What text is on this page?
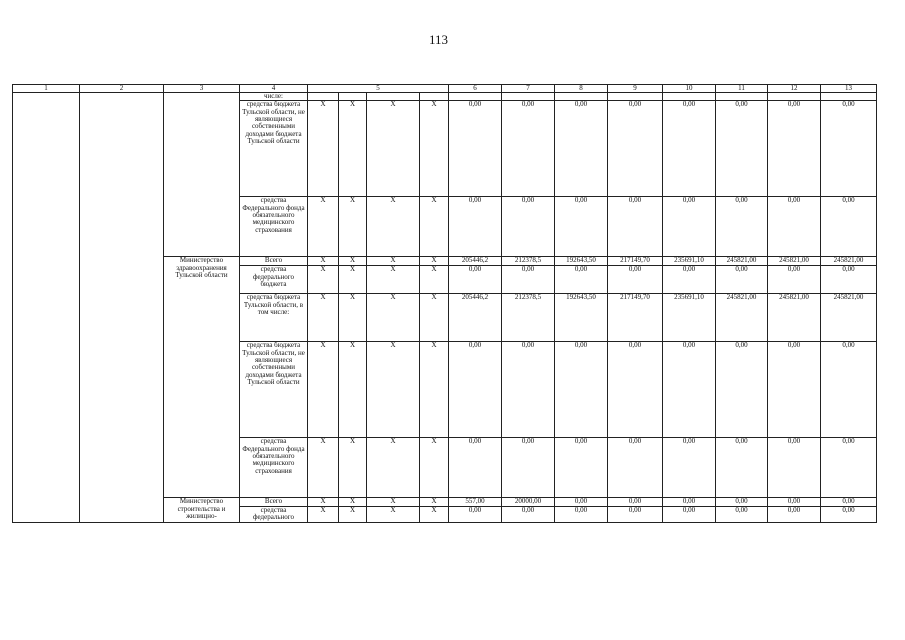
113
1	2	3	4	5				6	7	8	9	10	11	12	13
			числе:												
			средства бюджета Тульской области, не являющиеся собственными доходами бюджета Тульской области	Х	Х	Х	Х	0,00	0,00	0,00	0,00	0,00	0,00	0,00	0,00
			средства Федерального фонда обязательного медицинского страхования	Х	Х	Х	Х	0,00	0,00	0,00	0,00	0,00	0,00	0,00	0,00
		Министерство здравоохранения Тульской области	Всего	Х	Х	Х	Х	205446,2	212378,5	192643,50	217149,70	235691,10	245821,00	245821,00	245821,00
			средства федерального бюджета	Х	Х	Х	Х	0,00	0,00	0,00	0,00	0,00	0,00	0,00	0,00
			средства бюджета Тульской области, в том числе:	Х	Х	Х	Х	205446,2	212378,5	192643,50	217149,70	235691,10	245821,00	245821,00	245821,00
			средства бюджета Тульской области, не являющиеся собственными доходами бюджета Тульской области	Х	Х	Х	Х	0,00	0,00	0,00	0,00	0,00	0,00	0,00	0,00
			средства Федерального фонда обязательного медицинского страхования	Х	Х	Х	Х	0,00	0,00	0,00	0,00	0,00	0,00	0,00	0,00
		Министерство строительства и жилищно-	Всего	Х	Х	Х	Х	557,00	20000,00	0,00	0,00	0,00	0,00	0,00	0,00
			средства федерального	Х	Х	Х	Х	0,00	0,00	0,00	0,00	0,00	0,00	0,00	0,00
